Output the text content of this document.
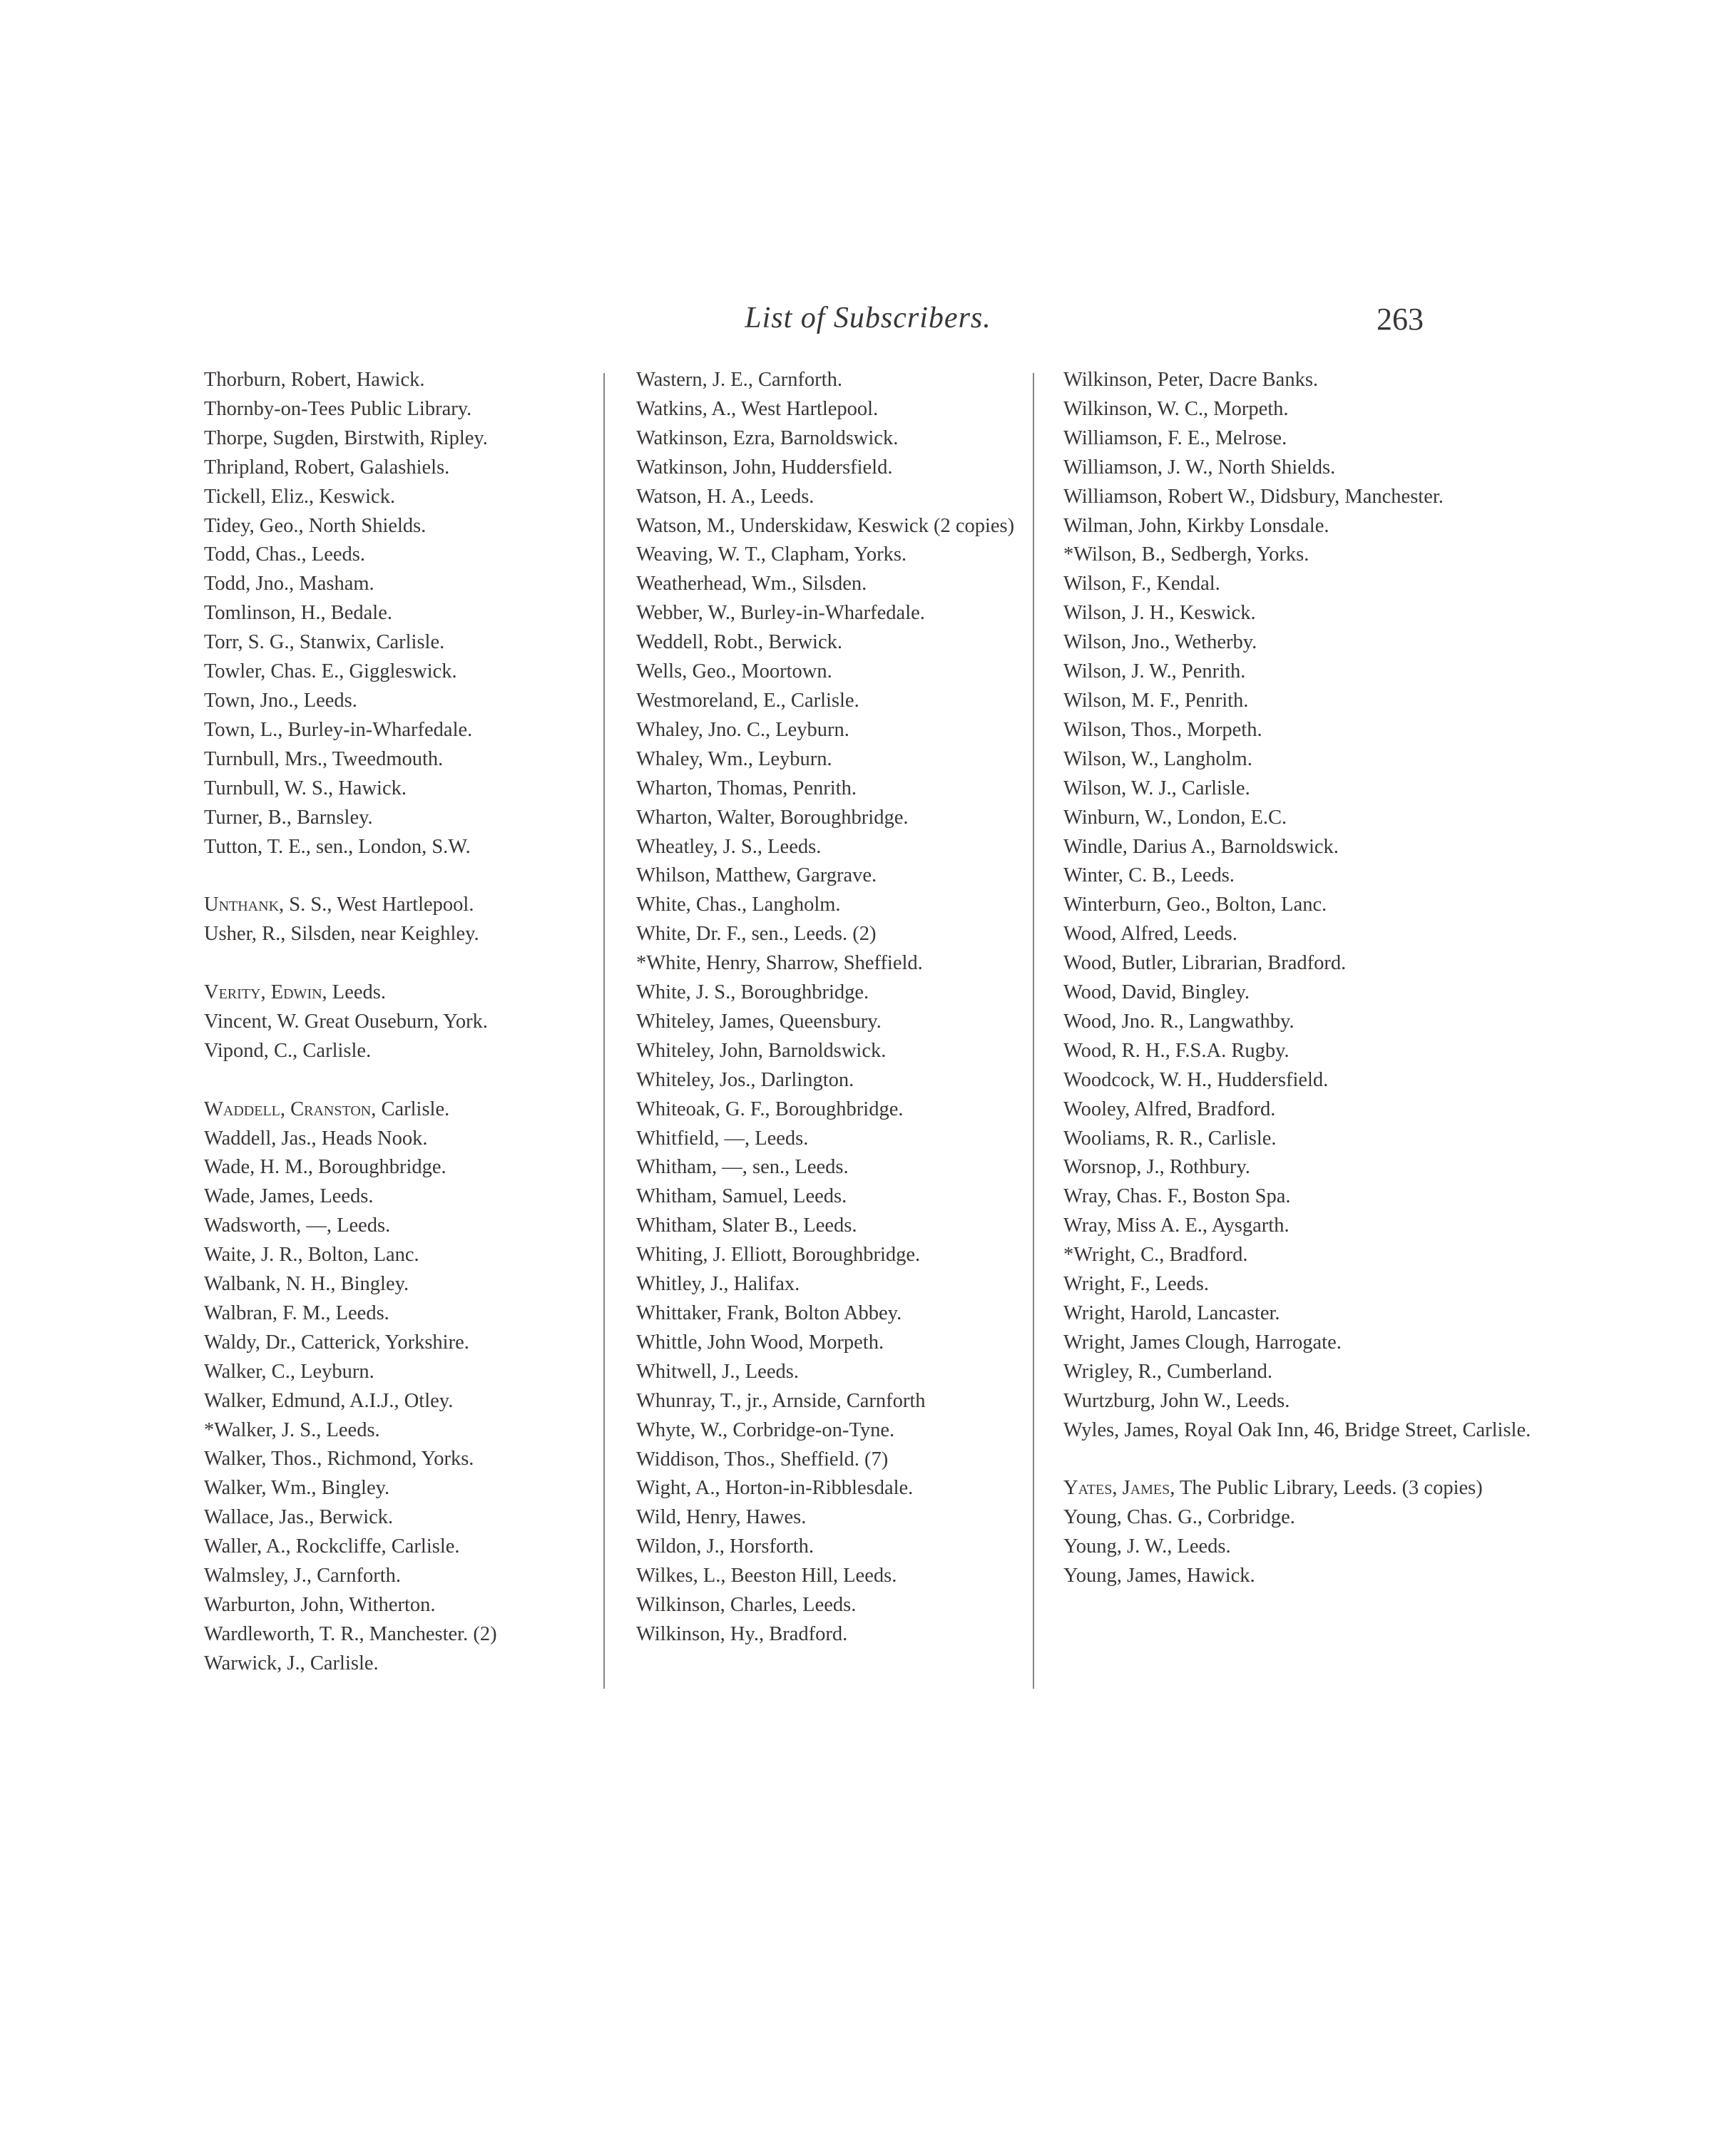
List of Subscribers.	263
Thorburn, Robert, Hawick.
Thornby-on-Tees Public Library.
Thorpe, Sugden, Birstwith, Ripley.
Thripland, Robert, Galashiels.
Tickell, Eliz., Keswick.
Tidey, Geo., North Shields.
Todd, Chas., Leeds.
Todd, Jno., Masham.
Tomlinson, H., Bedale.
Torr, S. G., Stanwix, Carlisle.
Towler, Chas. E., Giggleswick.
Town, Jno., Leeds.
Town, L., Burley-in-Wharfedale.
Turnbull, Mrs., Tweedmouth.
Turnbull, W. S., Hawick.
Turner, B., Barnsley.
Tutton, T. E., sen., London, S.W.
Unthank, S. S., West Hartlepool.
Usher, R., Silsden, near Keighley.
Verity, Edwin, Leeds.
Vincent, W. Great Ouseburn, York.
Vipond, C., Carlisle.
Waddell, Cranston, Carlisle.
Waddell, Jas., Heads Nook.
Wade, H. M., Boroughbridge.
Wade, James, Leeds.
Wadsworth, —, Leeds.
Waite, J. R., Bolton, Lanc.
Walbank, N. H., Bingley.
Walbran, F. M., Leeds.
Waldy, Dr., Catterick, Yorkshire.
Walker, C., Leyburn.
Walker, Edmund, A.I.J., Otley.
*Walker, J. S., Leeds.
Walker, Thos., Richmond, Yorks.
Walker, Wm., Bingley.
Wallace, Jas., Berwick.
Waller, A., Rockcliffe, Carlisle.
Walmsley, J., Carnforth.
Warburton, John, Witherton.
Wardleworth, T. R., Manchester. (2)
Warwick, J., Carlisle.
Wastern, J. E., Carnforth.
Watkins, A., West Hartlepool.
Watkinson, Ezra, Barnoldswick.
Watkinson, John, Huddersfield.
Watson, H. A., Leeds.
Watson, M., Underskidaw, Keswick (2 copies)
Weaving, W. T., Clapham, Yorks.
Weatherhead, Wm., Silsden.
Webber, W., Burley-in-Wharfedale.
Weddell, Robt., Berwick.
Wells, Geo., Moortown.
Westmoreland, E., Carlisle.
Whaley, Jno. C., Leyburn.
Whaley, Wm., Leyburn.
Wharton, Thomas, Penrith.
Wharton, Walter, Boroughbridge.
Wheatley, J. S., Leeds.
Whilson, Matthew, Gargrave.
White, Chas., Langholm.
White, Dr. F., sen., Leeds. (2)
*White, Henry, Sharrow, Sheffield.
White, J. S., Boroughbridge.
Whiteley, James, Queensbury.
Whiteley, John, Barnoldswick.
Whiteley, Jos., Darlington.
Whiteoak, G. F., Boroughbridge.
Whitfield, —, Leeds.
Whitham, —, sen., Leeds.
Whitham, Samuel, Leeds.
Whitham, Slater B., Leeds.
Whiting, J. Elliott, Boroughbridge.
Whitley, J., Halifax.
Whittaker, Frank, Bolton Abbey.
Whittle, John Wood, Morpeth.
Whitwell, J., Leeds.
Whunray, T., jr., Arnside, Carnforth
Whyte, W., Corbridge-on-Tyne.
Widdison, Thos., Sheffield. (7)
Wight, A., Horton-in-Ribblesdale.
Wild, Henry, Hawes.
Wildon, J., Horsforth.
Wilkes, L., Beeston Hill, Leeds.
Wilkinson, Charles, Leeds.
Wilkinson, Hy., Bradford.
Wilkinson, Peter, Dacre Banks.
Wilkinson, W. C., Morpeth.
Williamson, F. E., Melrose.
Williamson, J. W., North Shields.
Williamson, Robert W., Didsbury, Manchester.
Wilman, John, Kirkby Lonsdale.
*Wilson, B., Sedbergh, Yorks.
Wilson, F., Kendal.
Wilson, J. H., Keswick.
Wilson, Jno., Wetherby.
Wilson, J. W., Penrith.
Wilson, M. F., Penrith.
Wilson, Thos., Morpeth.
Wilson, W., Langholm.
Wilson, W. J., Carlisle.
Winburn, W., London, E.C.
Windle, Darius A., Barnoldswick.
Winter, C. B., Leeds.
Winterburn, Geo., Bolton, Lanc.
Wood, Alfred, Leeds.
Wood, Butler, Librarian, Bradford.
Wood, David, Bingley.
Wood, Jno. R., Langwathby.
Wood, R. H., F.S.A. Rugby.
Woodcock, W. H., Huddersfield.
Wooley, Alfred, Bradford.
Wooliams, R. R., Carlisle.
Worsnop, J., Rothbury.
Wray, Chas. F., Boston Spa.
Wray, Miss A. E., Aysgarth.
*Wright, C., Bradford.
Wright, F., Leeds.
Wright, Harold, Lancaster.
Wright, James Clough, Harrogate.
Wrigley, R., Cumberland.
Wurtzburg, John W., Leeds.
Wyles, James, Royal Oak Inn, 46, Bridge Street, Carlisle.
Yates, James, The Public Library, Leeds. (3 copies)
Young, Chas. G., Corbridge.
Young, J. W., Leeds.
Young, James, Hawick.
